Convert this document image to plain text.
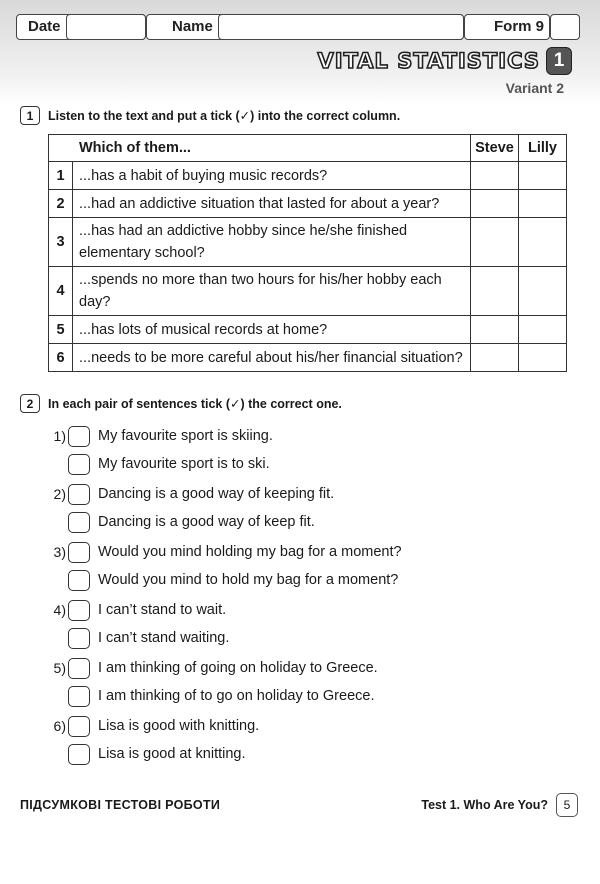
Date	Name	Form 9
VITAL STATISTICS 1
Variant 2
1	Listen to the text and put a tick (✓) into the correct column.
Which of them...		Steve	Lilly
1	...has a habit of buying music records?		
2	...had an addictive situation that lasted for about a year?		
3	...has had an addictive hobby since he/she finished elementary school?		
4	...spends no more than two hours for his/her hobby each day?		
5	...has lots of musical records at home?		
6	...needs to be more careful about his/her financial situation?		
2	In each pair of sentences tick (✓) the correct one.
1) My favourite sport is skiing.
My favourite sport is to ski.
2) Dancing is a good way of keeping fit.
Dancing is a good way of keep fit.
3) Would you mind holding my bag for a moment?
Would you mind to hold my bag for a moment?
4) I can’t stand to wait.
I can’t stand waiting.
5) I am thinking of going on holiday to Greece.
I am thinking of to go on holiday to Greece.
6) Lisa is good with knitting.
Lisa is good at knitting.
ПІДСУМКОВІ ТЕСТОВІ РОБОТИ	Test 1. Who Are You?	5
